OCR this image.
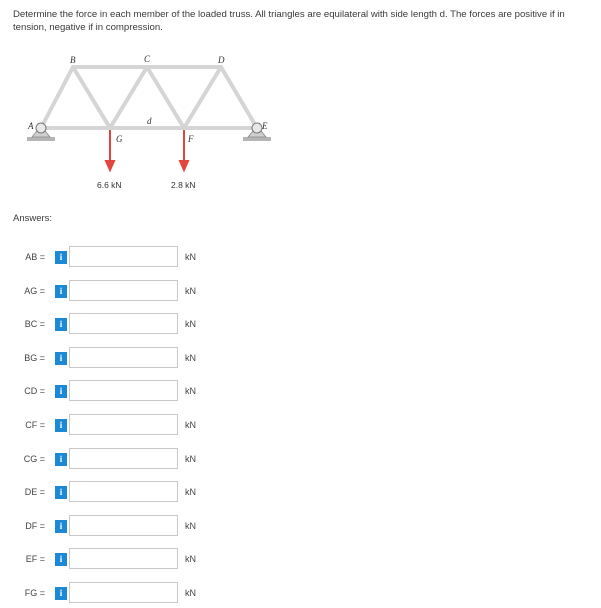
Determine the force in each member of the loaded truss. All triangles are equilateral with side length d. The forces are positive if in tension, negative if in compression.
A
B	C	D
E
F
G
d
6.6 kN	2.8 kN
Answers:
AB =	i	kN
AG =	i	kN
BC =	i	kN
BG =	i	kN
CD =	i	kN
CF =	i	kN
CG =	i	kN
DE =	i	kN
DF =	i	kN
EF =	i	kN
FG =	i	kN
